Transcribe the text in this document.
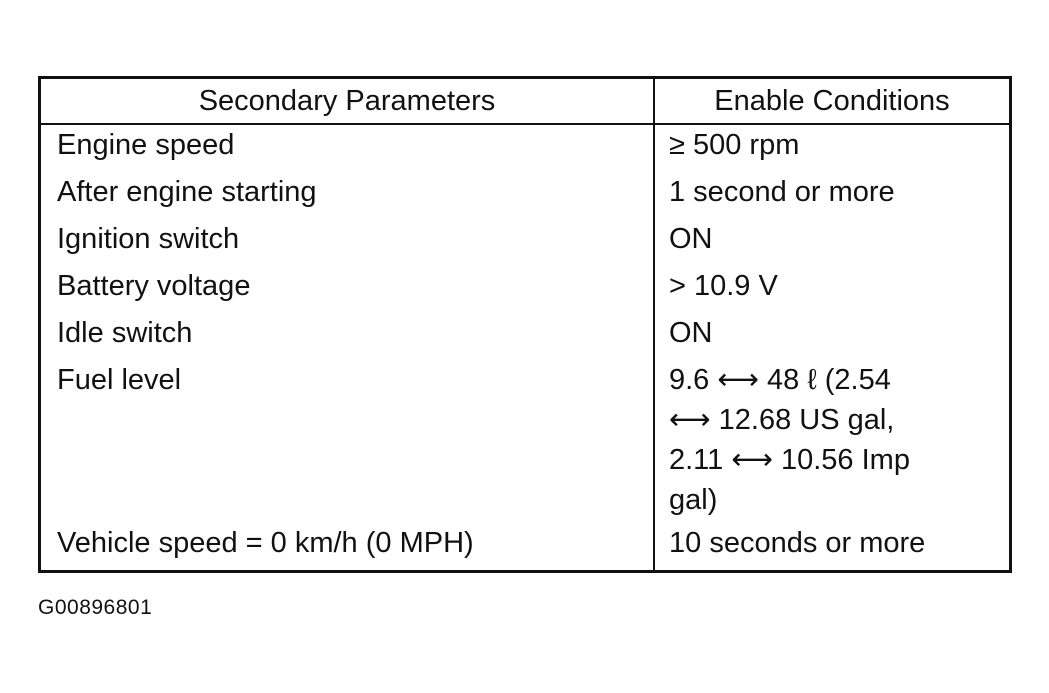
Secondary Parameters	Enable Conditions
Engine speed	≥ 500 rpm
After engine starting	1 second or more
Ignition switch	ON
Battery voltage	> 10.9 V
Idle switch	ON
Fuel level	9.6 ⟷ 48 ℓ (2.54
⟷ 12.68 US gal,
2.11 ⟷ 10.56 Imp
gal)
Vehicle speed = 0 km/h (0 MPH)	10 seconds or more
G00896801
